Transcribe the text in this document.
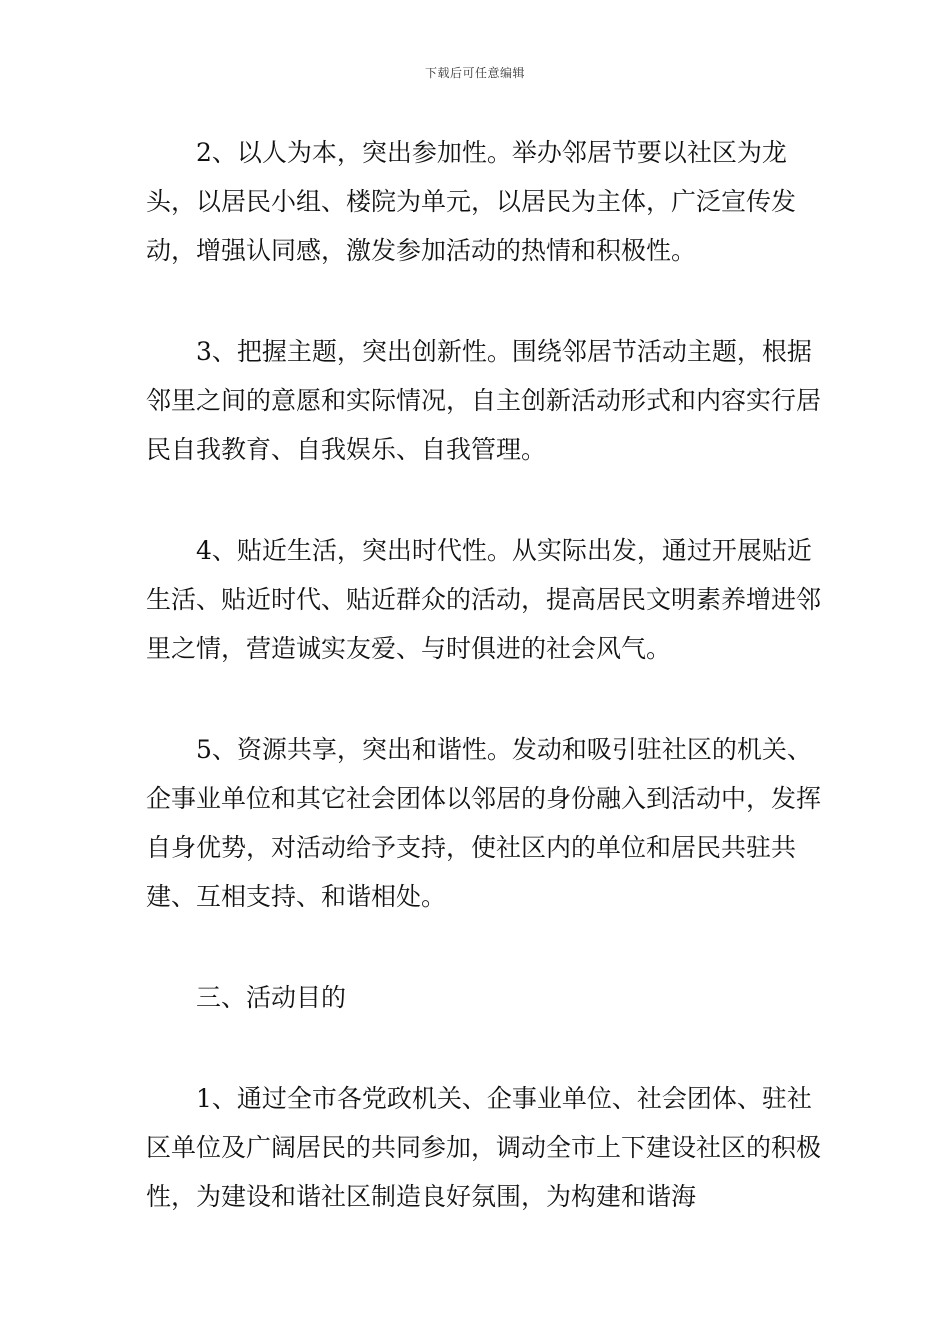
下载后可任意编辑

2、以人为本，突出参加性。举办邻居节要以社区为龙头，以居民小组、楼院为单元，以居民为主体，广泛宣传发动，增强认同感，激发参加活动的热情和积极性。

3、把握主题，突出创新性。围绕邻居节活动主题，根据邻里之间的意愿和实际情况，自主创新活动形式和内容实行居民自我教育、自我娱乐、自我管理。

4、贴近生活，突出时代性。从实际出发，通过开展贴近生活、贴近时代、贴近群众的活动，提高居民文明素养增进邻里之情，营造诚实友爱、与时俱进的社会风气。

5、资源共享，突出和谐性。发动和吸引驻社区的机关、企事业单位和其它社会团体以邻居的身份融入到活动中，发挥自身优势，对活动给予支持，使社区内的单位和居民共驻共建、互相支持、和谐相处。

三、活动目的

1、通过全市各党政机关、企事业单位、社会团体、驻社区单位及广阔居民的共同参加，调动全市上下建设社区的积极性，为建设和谐社区制造良好氛围，为构建和谐海
